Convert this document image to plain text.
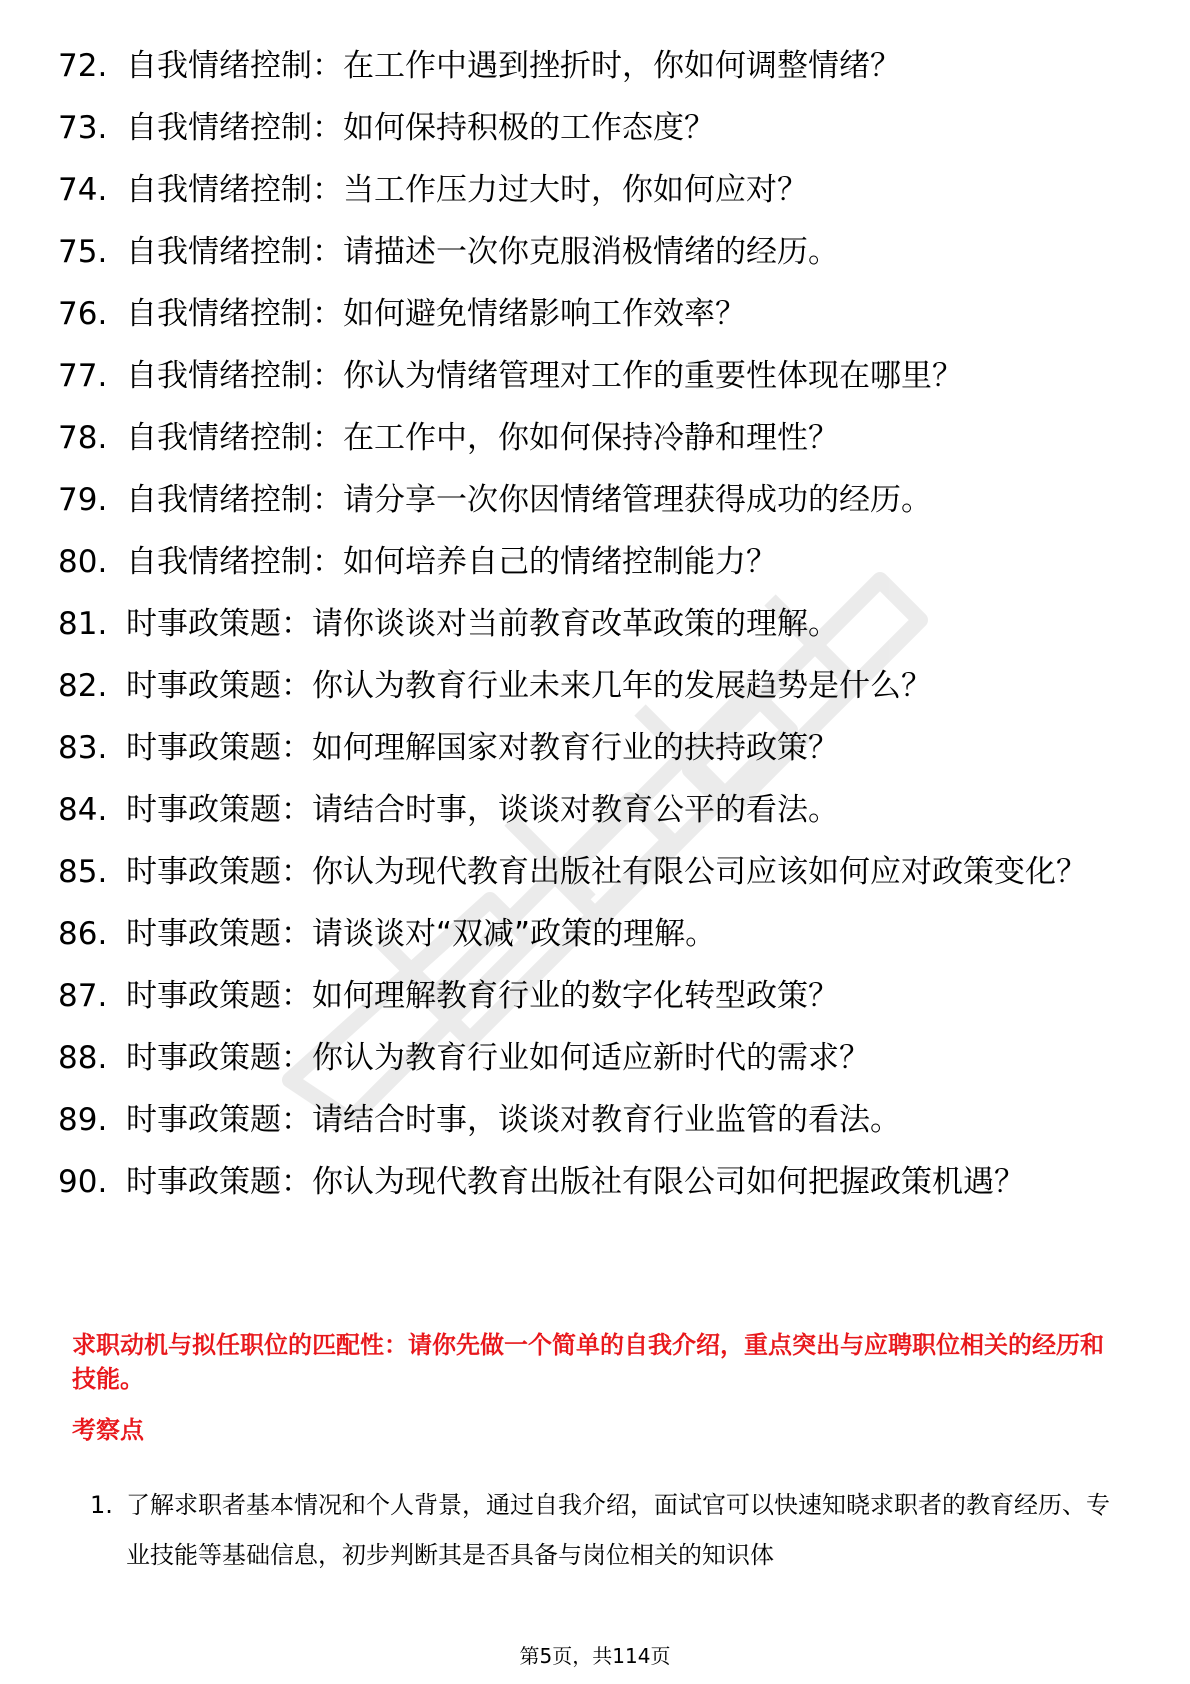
72. 自我情绪控制：在工作中遇到挫折时，你如何调整情绪？
73. 自我情绪控制：如何保持积极的工作态度？
74. 自我情绪控制：当工作压力过大时，你如何应对？
75. 自我情绪控制：请描述一次你克服消极情绪的经历。
76. 自我情绪控制：如何避免情绪影响工作效率？
77. 自我情绪控制：你认为情绪管理对工作的重要性体现在哪里？
78. 自我情绪控制：在工作中，你如何保持冷静和理性？
79. 自我情绪控制：请分享一次你因情绪管理获得成功的经历。
80. 自我情绪控制：如何培养自己的情绪控制能力？
81. 时事政策题：请你谈谈对当前教育改革政策的理解。
82. 时事政策题：你认为教育行业未来几年的发展趋势是什么？
83. 时事政策题：如何理解国家对教育行业的扶持政策？
84. 时事政策题：请结合时事，谈谈对教育公平的看法。
85. 时事政策题：你认为现代教育出版社有限公司应该如何应对政策变化？
86. 时事政策题：请谈谈对“双减”政策的理解。
87. 时事政策题：如何理解教育行业的数字化转型政策？
88. 时事政策题：你认为教育行业如何适应新时代的需求？
89. 时事政策题：请结合时事，谈谈对教育行业监管的看法。
90. 时事政策题：你认为现代教育出版社有限公司如何把握政策机遇？

求职动机与拟任职位的匹配性：请你先做一个简单的自我介绍，重点突出与应聘职位相关的经历和技能。

考察点

1. 了解求职者基本情况和个人背景，通过自我介绍，面试官可以快速知晓求职者的教育经历、专业技能等基础信息，初步判断其是否具备与岗位相关的知识体
第5页，共114页
